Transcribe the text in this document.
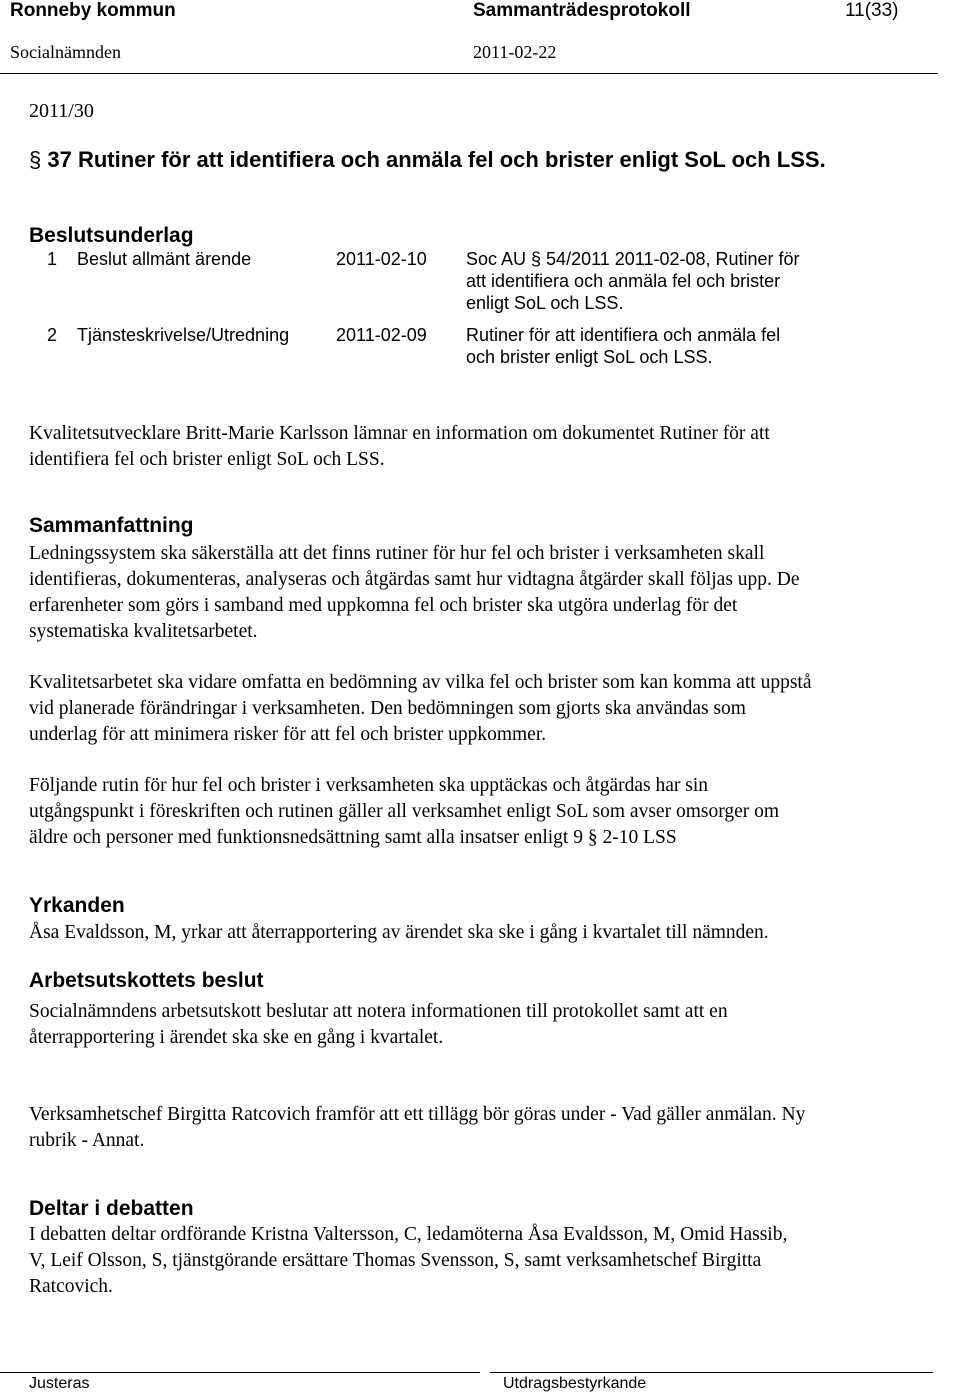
Ronneby kommun	Sammanträdesprotokoll	11(33)
Socialnämnden	2011-02-22
2011/30
§ 37 Rutiner för att identifiera och anmäla fel och brister enligt SoL och LSS.
Beslutsunderlag
1 Beslut allmänt ärende	2011-02-10 Soc AU § 54/2011 2011-02-08, Rutiner för
att identifiera och anmäla fel och brister
enligt SoL och LSS.
2 Tjänsteskrivelse/Utredning	2011-02-09 Rutiner för att identifiera och anmäla fel
och brister enligt SoL och LSS.
Kvalitetsutvecklare Britt-Marie Karlsson lämnar en information om dokumentet Rutiner för att
identifiera fel och brister enligt SoL och LSS.
Sammanfattning
Ledningssystem ska säkerställa att det finns rutiner för hur fel och brister i verksamheten skall
identifieras, dokumenteras, analyseras och åtgärdas samt hur vidtagna åtgärder skall följas upp. De
erfarenheter som görs i samband med uppkomna fel och brister ska utgöra underlag för det
systematiska kvalitetsarbetet.
Kvalitetsarbetet ska vidare omfatta en bedömning av vilka fel och brister som kan komma att uppstå
vid planerade förändringar i verksamheten. Den bedömningen som gjorts ska användas som
underlag för att minimera risker för att fel och brister uppkommer.
Följande rutin för hur fel och brister i verksamheten ska upptäckas och åtgärdas har sin
utgångspunkt i föreskriften och rutinen gäller all verksamhet enligt SoL som avser omsorger om
äldre och personer med funktionsnedsättning samt alla insatser enligt 9 § 2-10 LSS
Yrkanden
Åsa Evaldsson, M, yrkar att återrapportering av ärendet ska ske i gång i kvartalet till nämnden.
Arbetsutskottets beslut
Socialnämndens arbetsutskott beslutar att notera informationen till protokollet samt att en
återrapportering i ärendet ska ske en gång i kvartalet.
Verksamhetschef Birgitta Ratcovich framför att ett tillägg bör göras under - Vad gäller anmälan. Ny
rubrik - Annat.
Deltar i debatten
I debatten deltar ordförande Kristna Valtersson, C, ledamöterna Åsa Evaldsson, M, Omid Hassib,
V, Leif Olsson, S, tjänstgörande ersättare Thomas Svensson, S, samt verksamhetschef Birgitta
Ratcovich.
Justeras	Utdragsbestyrkande
